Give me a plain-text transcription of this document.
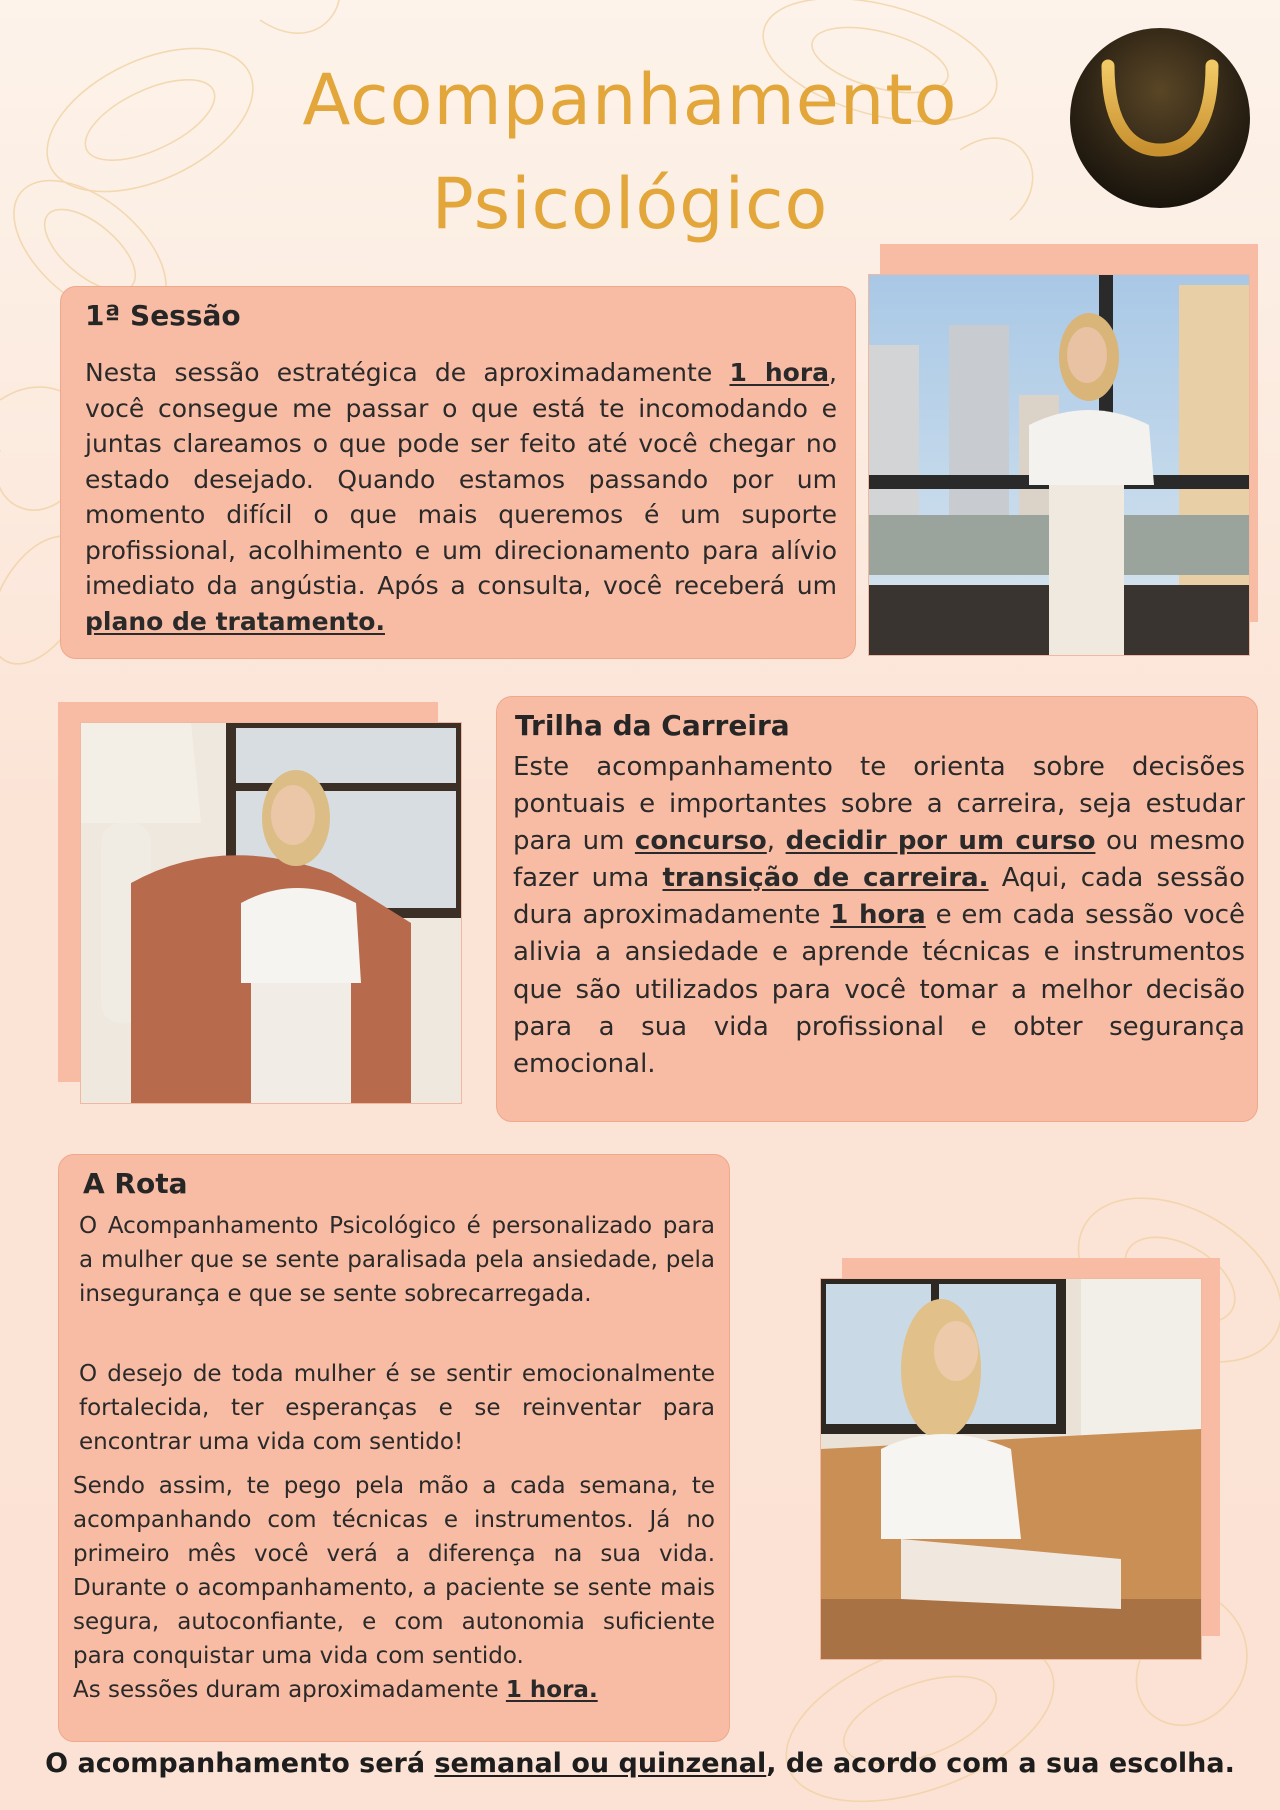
Acompanhamento
Psicológico
1ª Sessão

Nesta sessão estratégica de aproximadamente 1 hora, você consegue me passar o que está te incomodando e juntas clareamos o que pode ser feito até você chegar no estado desejado. Quando estamos passando por um momento difícil o que mais queremos é um suporte profissional, acolhimento e um direcionamento para alívio imediato da angústia. Após a consulta, você receberá um plano de tratamento.

Trilha da Carreira

Este acompanhamento te orienta sobre decisões pontuais e importantes sobre a carreira, seja estudar para um concurso, decidir por um curso ou mesmo fazer uma transição de carreira. Aqui, cada sessão dura aproximadamente 1 hora e em cada sessão você alivia a ansiedade e aprende técnicas e instrumentos que são utilizados para você tomar a melhor decisão para a sua vida profissional e obter segurança emocional.

A Rota

O Acompanhamento Psicológico é personalizado para a mulher que se sente paralisada pela ansiedade, pela insegurança e que se sente sobrecarregada.

O desejo de toda mulher é se sentir emocionalmente fortalecida, ter esperanças e se reinventar para encontrar uma vida com sentido!

Sendo assim, te pego pela mão a cada semana, te acompanhando com técnicas e instrumentos. Já no primeiro mês você verá a diferença na sua vida. Durante o acompanhamento, a paciente se sente mais segura, autoconfiante, e com autonomia suficiente para conquistar uma vida com sentido.

As sessões duram aproximadamente 1 hora.

O acompanhamento será semanal ou quinzenal, de acordo com a sua escolha.
